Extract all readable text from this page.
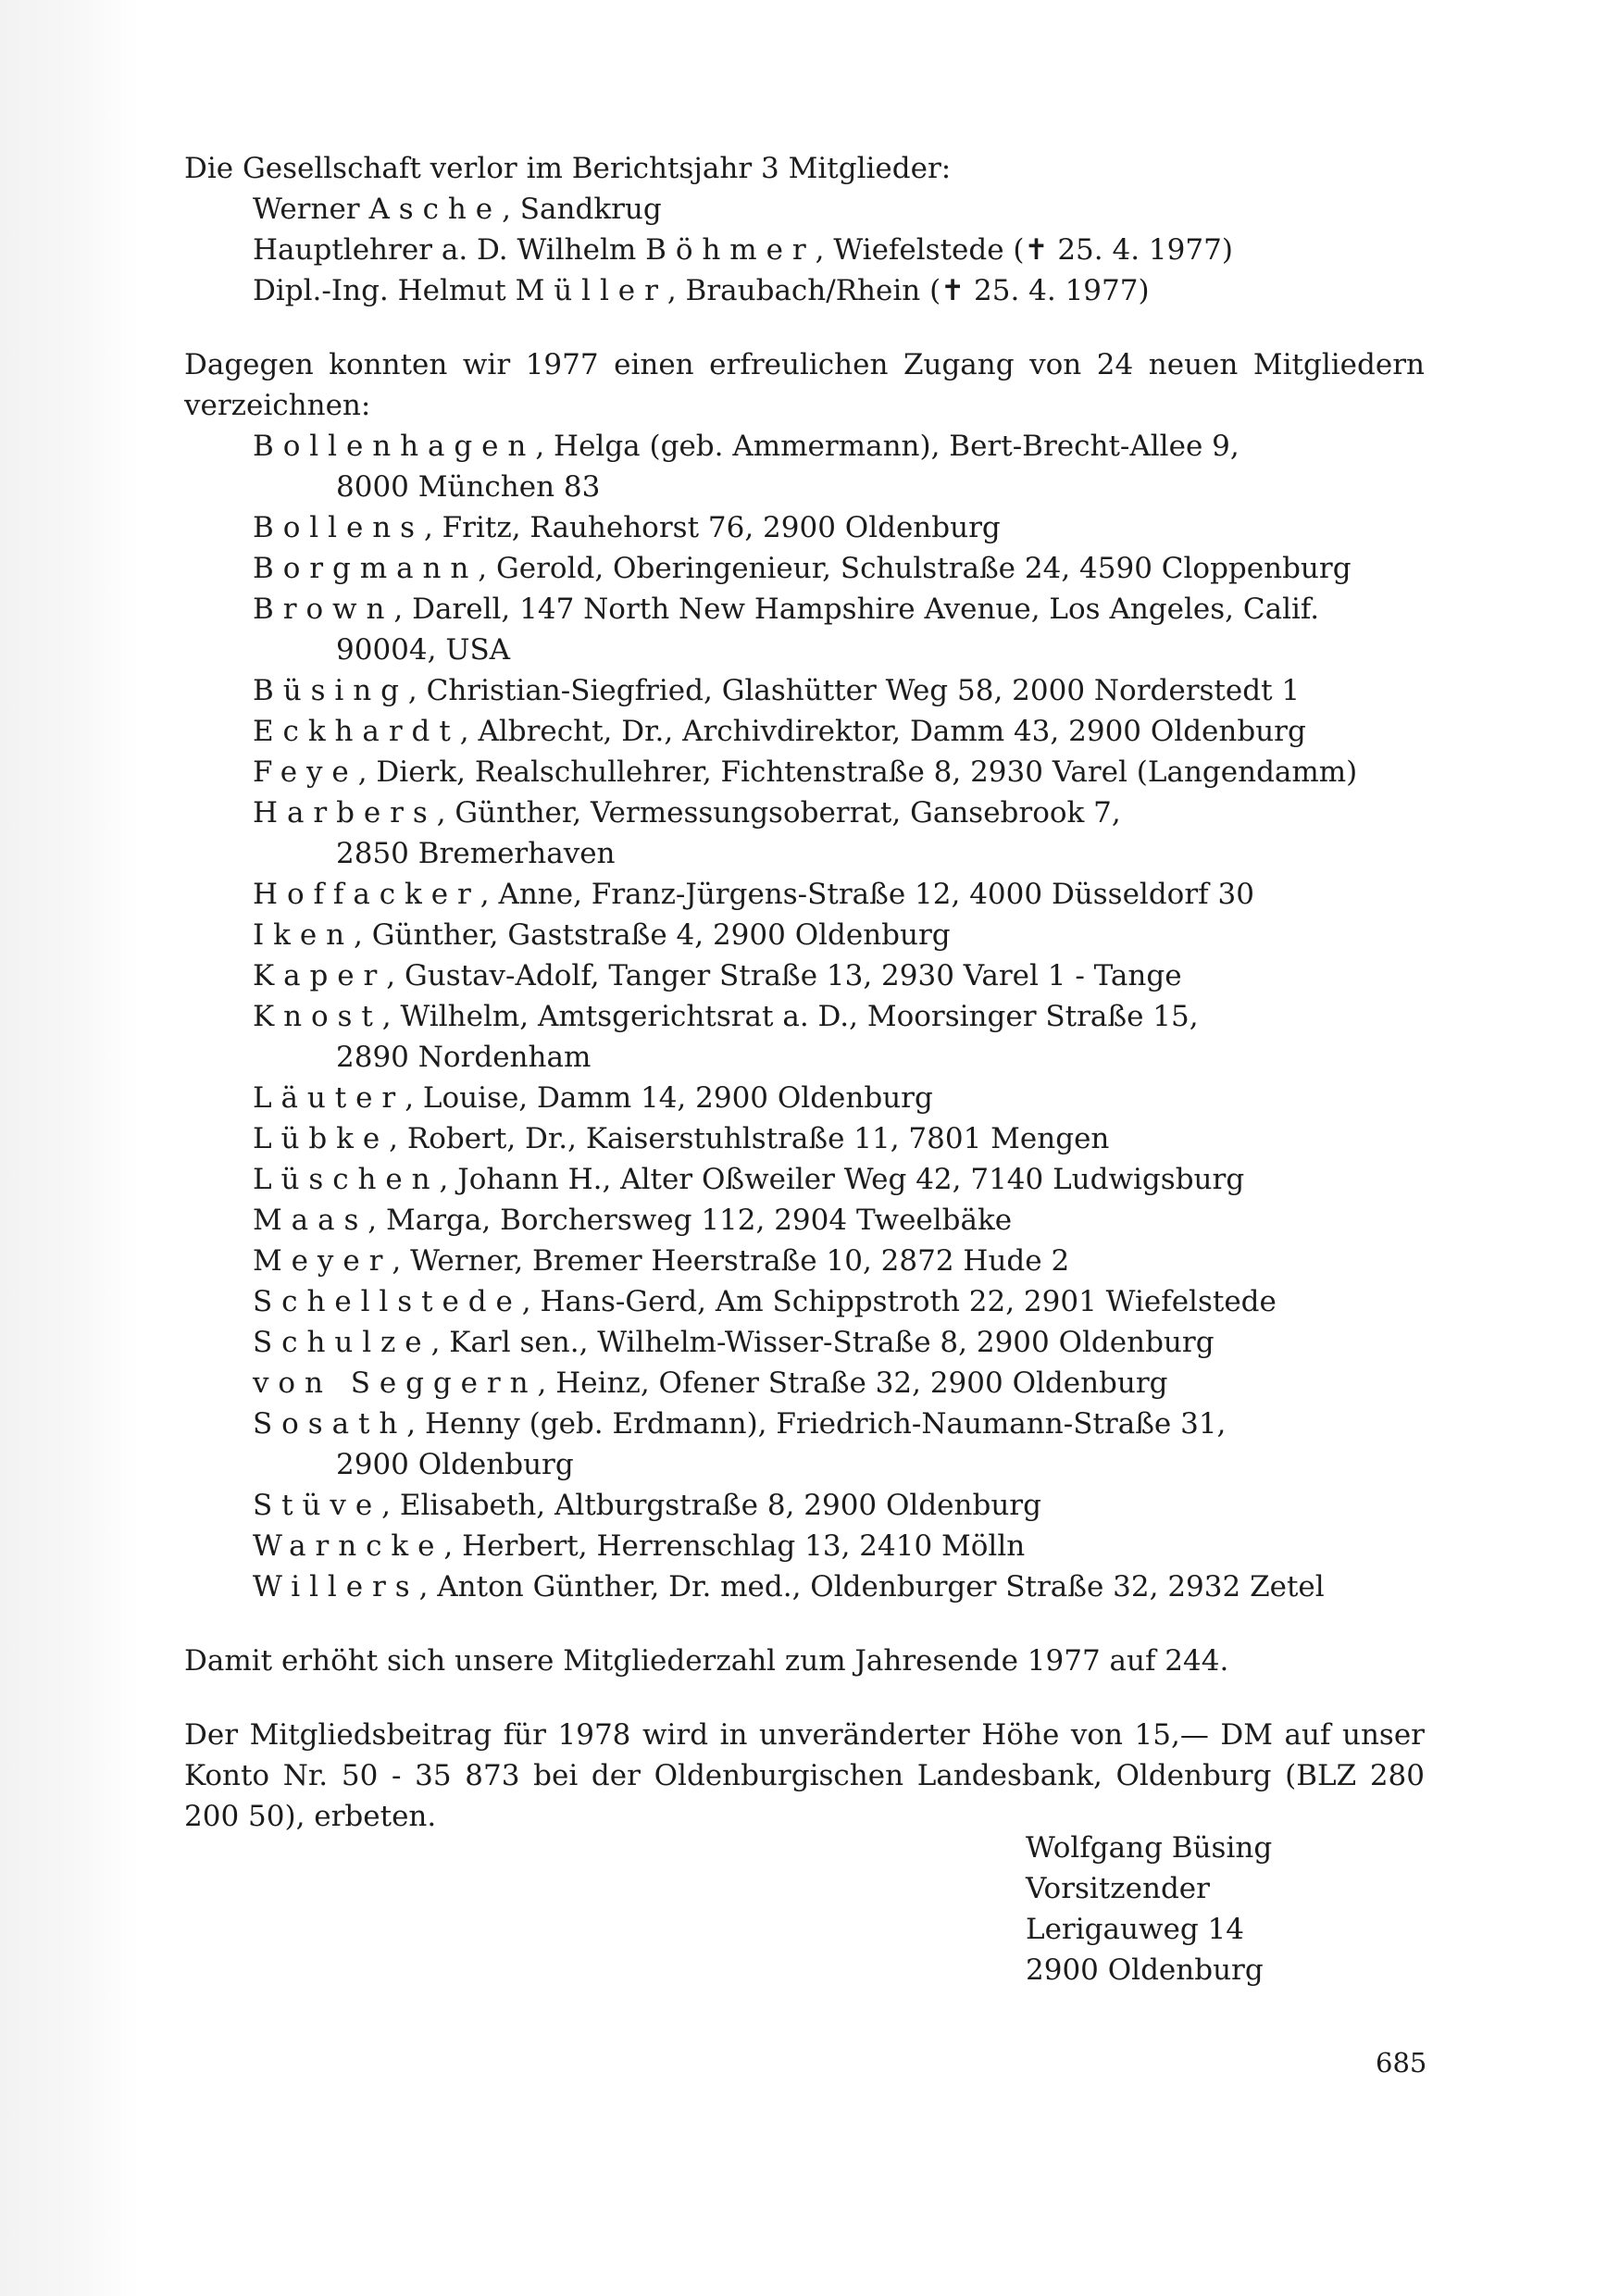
Die Gesellschaft verlor im Berichtsjahr 3 Mitglieder:

Werner Asche, Sandkrug
Hauptlehrer a. D. Wilhelm Böhmer, Wiefelstede (✝ 25. 4. 1977)
Dipl.-Ing. Helmut Müller, Braubach/Rhein (✝ 25. 4. 1977)

Dagegen konnten wir 1977 einen erfreulichen Zugang von 24 neuen Mitgliedern verzeichnen:

Bollenhagen, Helga (geb. Ammermann), Bert-Brecht-Allee 9,
8000 München 83
Bollens, Fritz, Rauhehorst 76, 2900 Oldenburg
Borgmann, Gerold, Oberingenieur, Schulstraße 24, 4590 Cloppenburg
Brown, Darell, 147 North New Hampshire Avenue, Los Angeles, Calif.
90004, USA
Büsing, Christian-Siegfried, Glashütter Weg 58, 2000 Norderstedt 1
Eckhardt, Albrecht, Dr., Archivdirektor, Damm 43, 2900 Oldenburg
Feye, Dierk, Realschullehrer, Fichtenstraße 8, 2930 Varel (Langendamm)
Harbers, Günther, Vermessungsoberrat, Gansebrook 7,
2850 Bremerhaven
Hoffacker, Anne, Franz-Jürgens-Straße 12, 4000 Düsseldorf 30
Iken, Günther, Gaststraße 4, 2900 Oldenburg
Kaper, Gustav-Adolf, Tanger Straße 13, 2930 Varel 1 - Tange
Knost, Wilhelm, Amtsgerichtsrat a. D., Moorsinger Straße 15,
2890 Nordenham
Läuter, Louise, Damm 14, 2900 Oldenburg
Lübke, Robert, Dr., Kaiserstuhlstraße 11, 7801 Mengen
Lüschen, Johann H., Alter Oßweiler Weg 42, 7140 Ludwigsburg
Maas, Marga, Borchersweg 112, 2904 Tweelbäke
Meyer, Werner, Bremer Heerstraße 10, 2872 Hude 2
Schellstede, Hans-Gerd, Am Schippstroth 22, 2901 Wiefelstede
Schulze, Karl sen., Wilhelm-Wisser-Straße 8, 2900 Oldenburg
von Seggern, Heinz, Ofener Straße 32, 2900 Oldenburg
Sosath, Henny (geb. Erdmann), Friedrich-Naumann-Straße 31,
2900 Oldenburg
Stüve, Elisabeth, Altburgstraße 8, 2900 Oldenburg
Warncke, Herbert, Herrenschlag 13, 2410 Mölln
Willers, Anton Günther, Dr. med., Oldenburger Straße 32, 2932 Zetel

Damit erhöht sich unsere Mitgliederzahl zum Jahresende 1977 auf 244.

Der Mitgliedsbeitrag für 1978 wird in unveränderter Höhe von 15,— DM auf unser Konto Nr. 50 - 35 873 bei der Oldenburgischen Landesbank, Oldenburg (BLZ 280 200 50), erbeten.

Wolfgang Büsing
Vorsitzender
Lerigauweg 14
2900 Oldenburg
685
